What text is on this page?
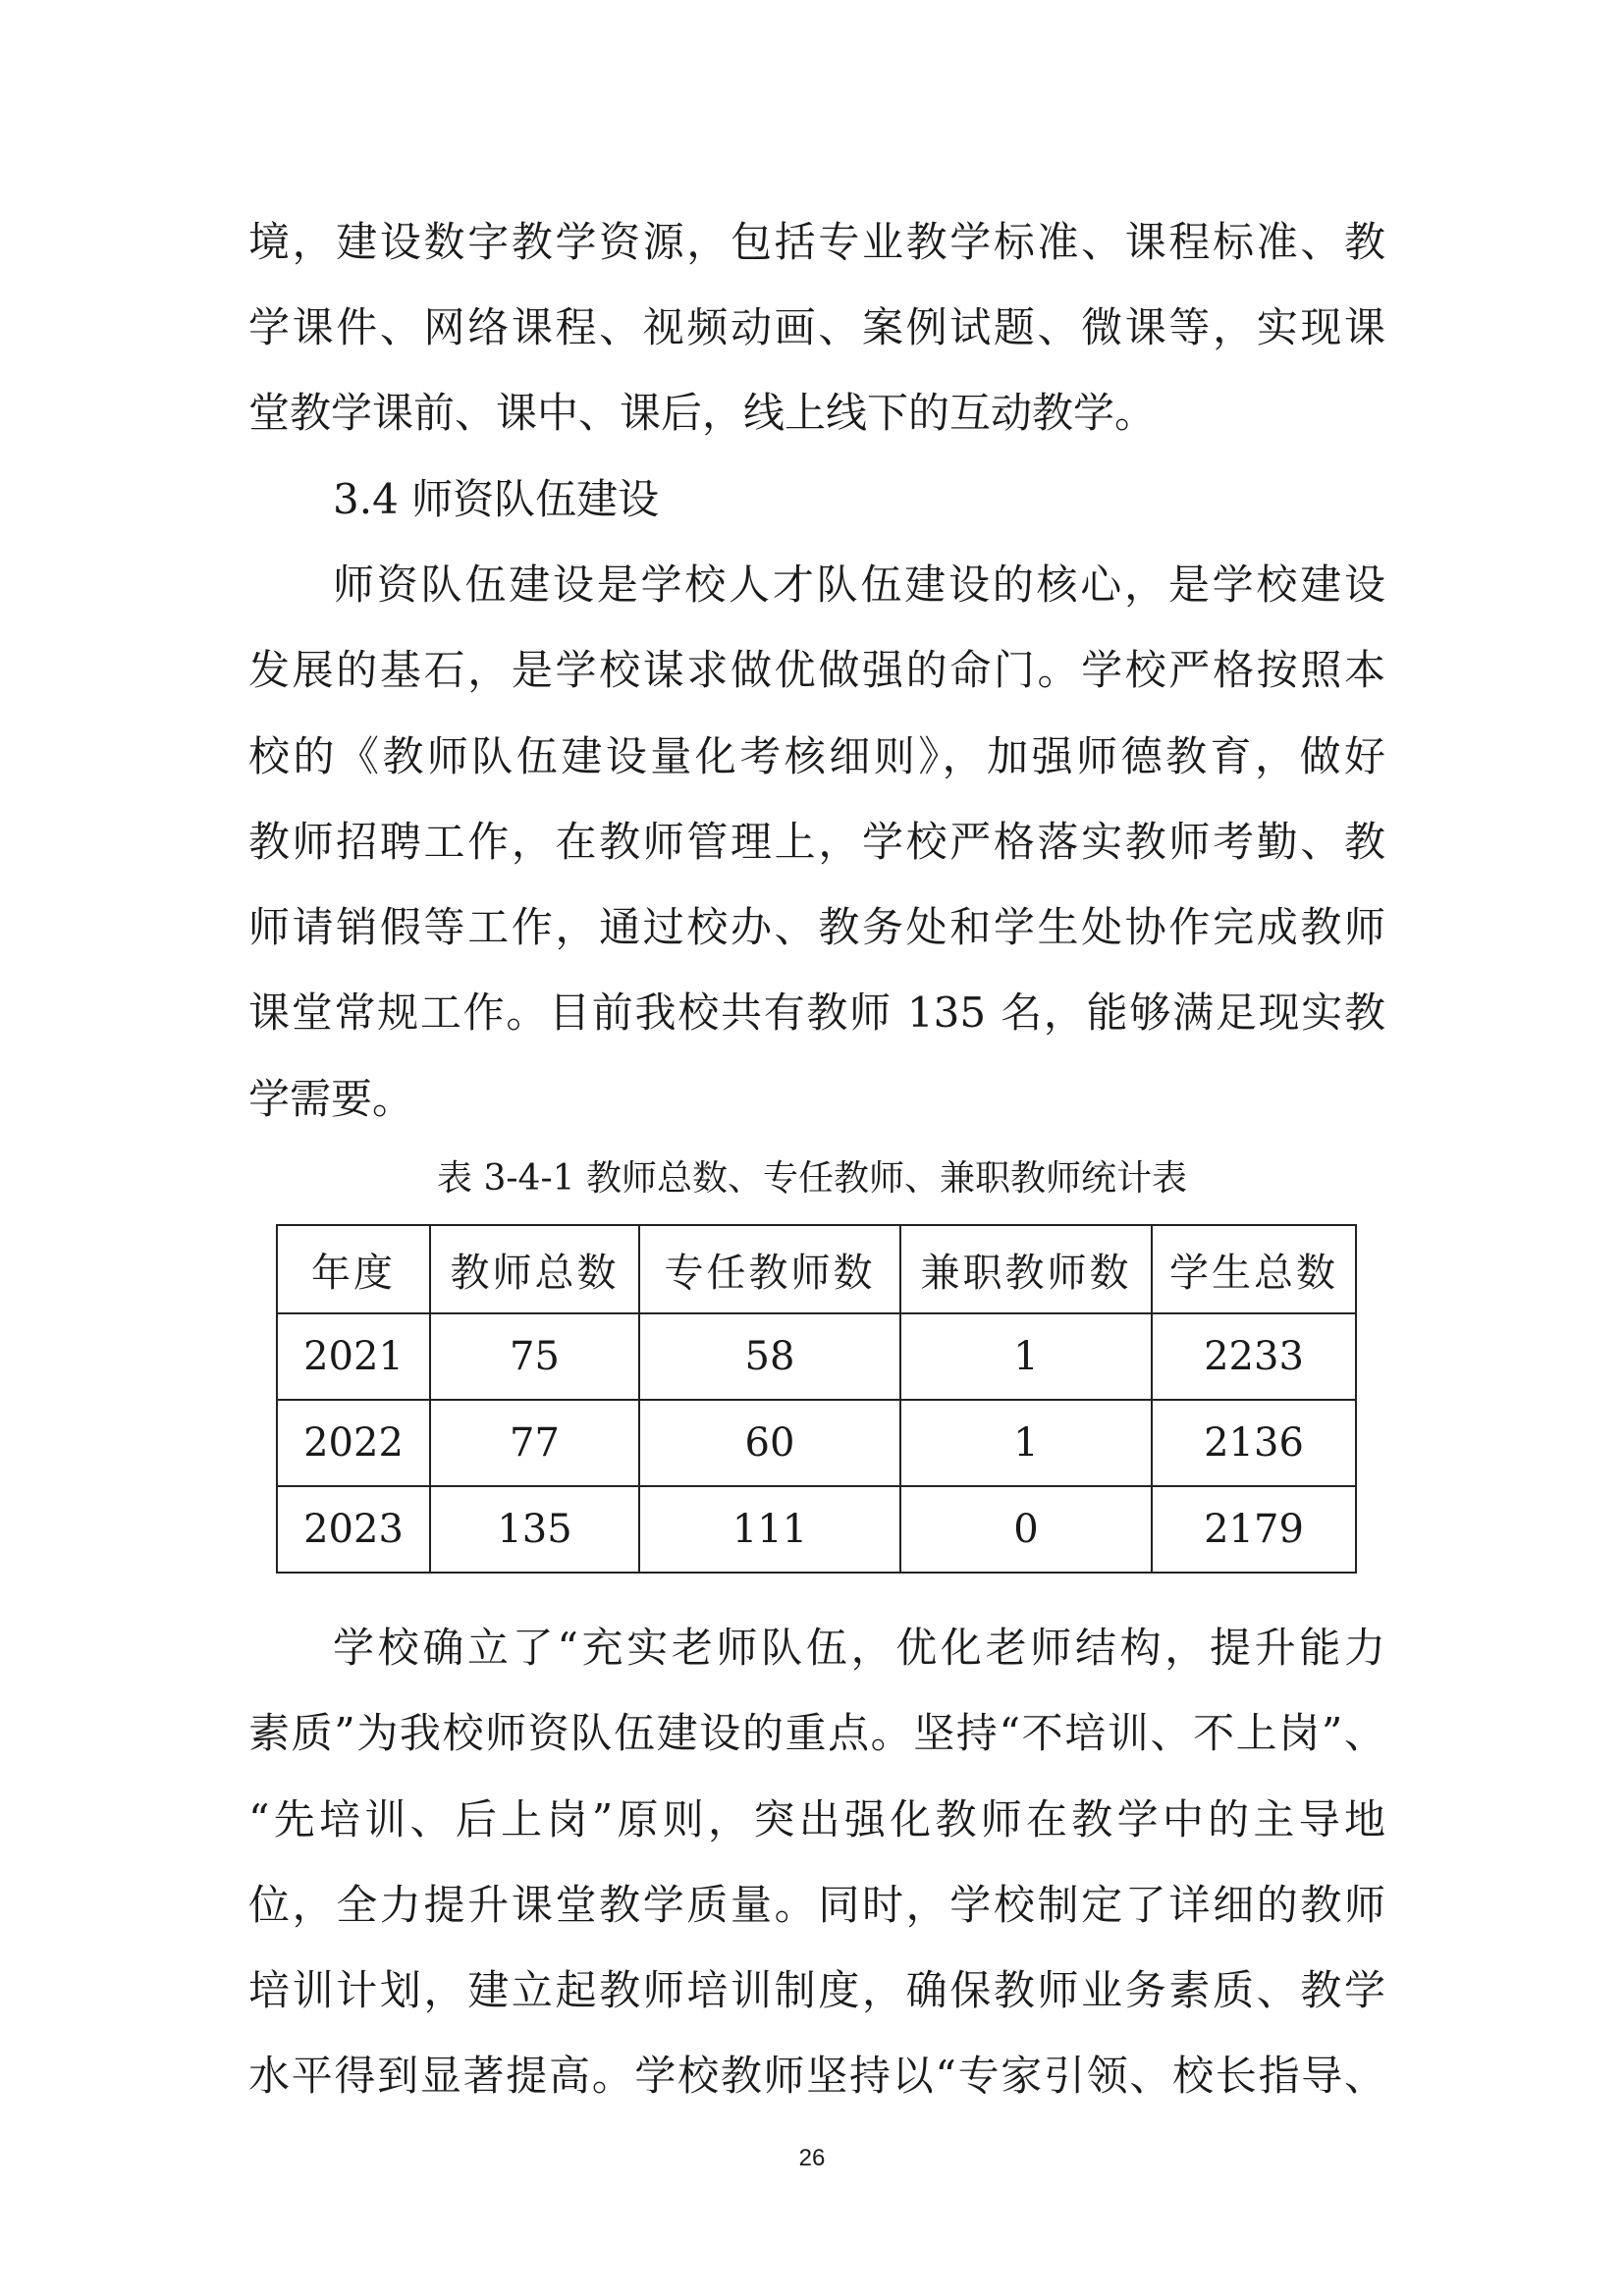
境，建设数字教学资源，包括专业教学标准、课程标准、教
学课件、网络课程、视频动画、案例试题、微课等，实现课
堂教学课前、课中、课后，线上线下的互动教学。
3.4 师资队伍建设
师资队伍建设是学校人才队伍建设的核心，是学校建设
发展的基石，是学校谋求做优做强的命门。学校严格按照本
校的《教师队伍建设量化考核细则》，加强师德教育，做好
教师招聘工作，在教师管理上，学校严格落实教师考勤、教
师请销假等工作，通过校办、教务处和学生处协作完成教师
课堂常规工作。目前我校共有教师 135 名，能够满足现实教
学需要。
表 3-4-1 教师总数、专任教师、兼职教师统计表
年度	教师总数	专任教师数	兼职教师数	学生总数
2021	75	58	1	2233
2022	77	60	1	2136
2023	135	111	0	2179
学校确立了“充实老师队伍，优化老师结构，提升能力
素质”为我校师资队伍建设的重点。坚持“不培训、不上岗”、
“先培训、后上岗”原则，突出强化教师在教学中的主导地
位，全力提升课堂教学质量。同时，学校制定了详细的教师
培训计划，建立起教师培训制度，确保教师业务素质、教学
水平得到显著提高。学校教师坚持以“专家引领、校长指导、
26
